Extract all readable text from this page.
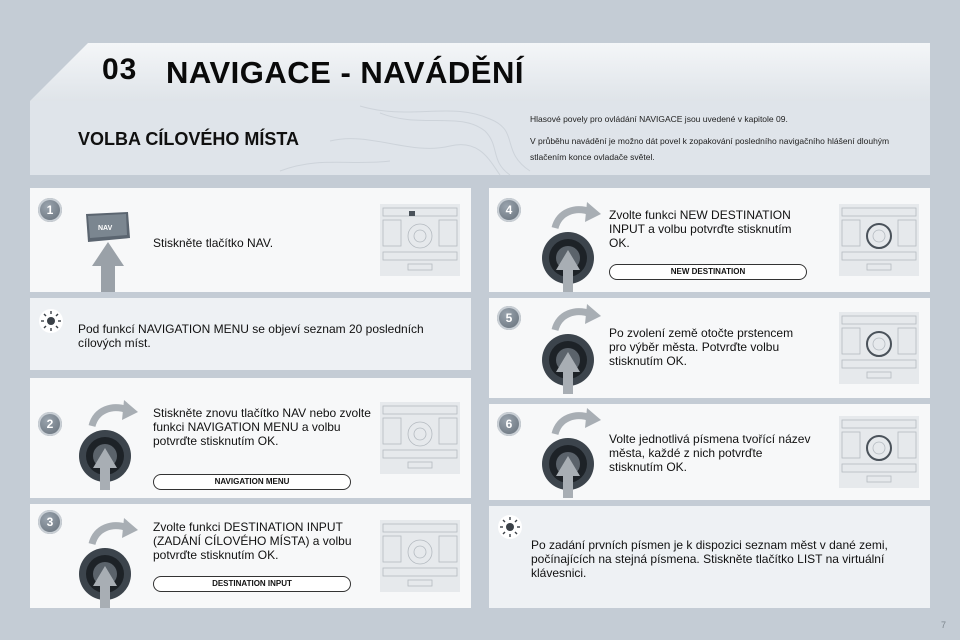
03 NAVIGACE - NAVÁDĚNÍ
VOLBA CÍLOVÉHO MÍSTA

Hlasové povely pro ovládání NAVIGACE jsou uvedené v kapitole 09.

V průběhu navádění je možno dát povel k zopakování posledního navigačního hlášení dlouhým stlačením konce ovladače světel.

1
NAV
Stiskněte tlačítko NAV.
Pod funkcí NAVIGATION MENU se objeví seznam 20 posledních cílových míst.
2
Stiskněte znovu tlačítko NAV nebo zvolte funkci NAVIGATION MENU a volbu potvrďte stisknutím OK.
NAVIGATION MENU
3	Zvolte funkci DESTINATION INPUT (ZADÁNÍ CÍLOVÉHO MÍSTA) a volbu potvrďte stisknutím OK.
DESTINATION INPUT
4	Zvolte funkci NEW DESTINATION INPUT a volbu potvrďte stisknutím OK.
NEW DESTINATION
5
Po zvolení země otočte prstencem pro výběr města. Potvrďte volbu stisknutím OK.
6
Volte jednotlivá písmena tvořící název města, každé z nich potvrďte stisknutím OK.
Po zadání prvních písmen je k dispozici seznam měst v dané zemi, počínajících na stejná písmena. Stiskněte tlačítko LIST na virtuální klávesnici.
7
